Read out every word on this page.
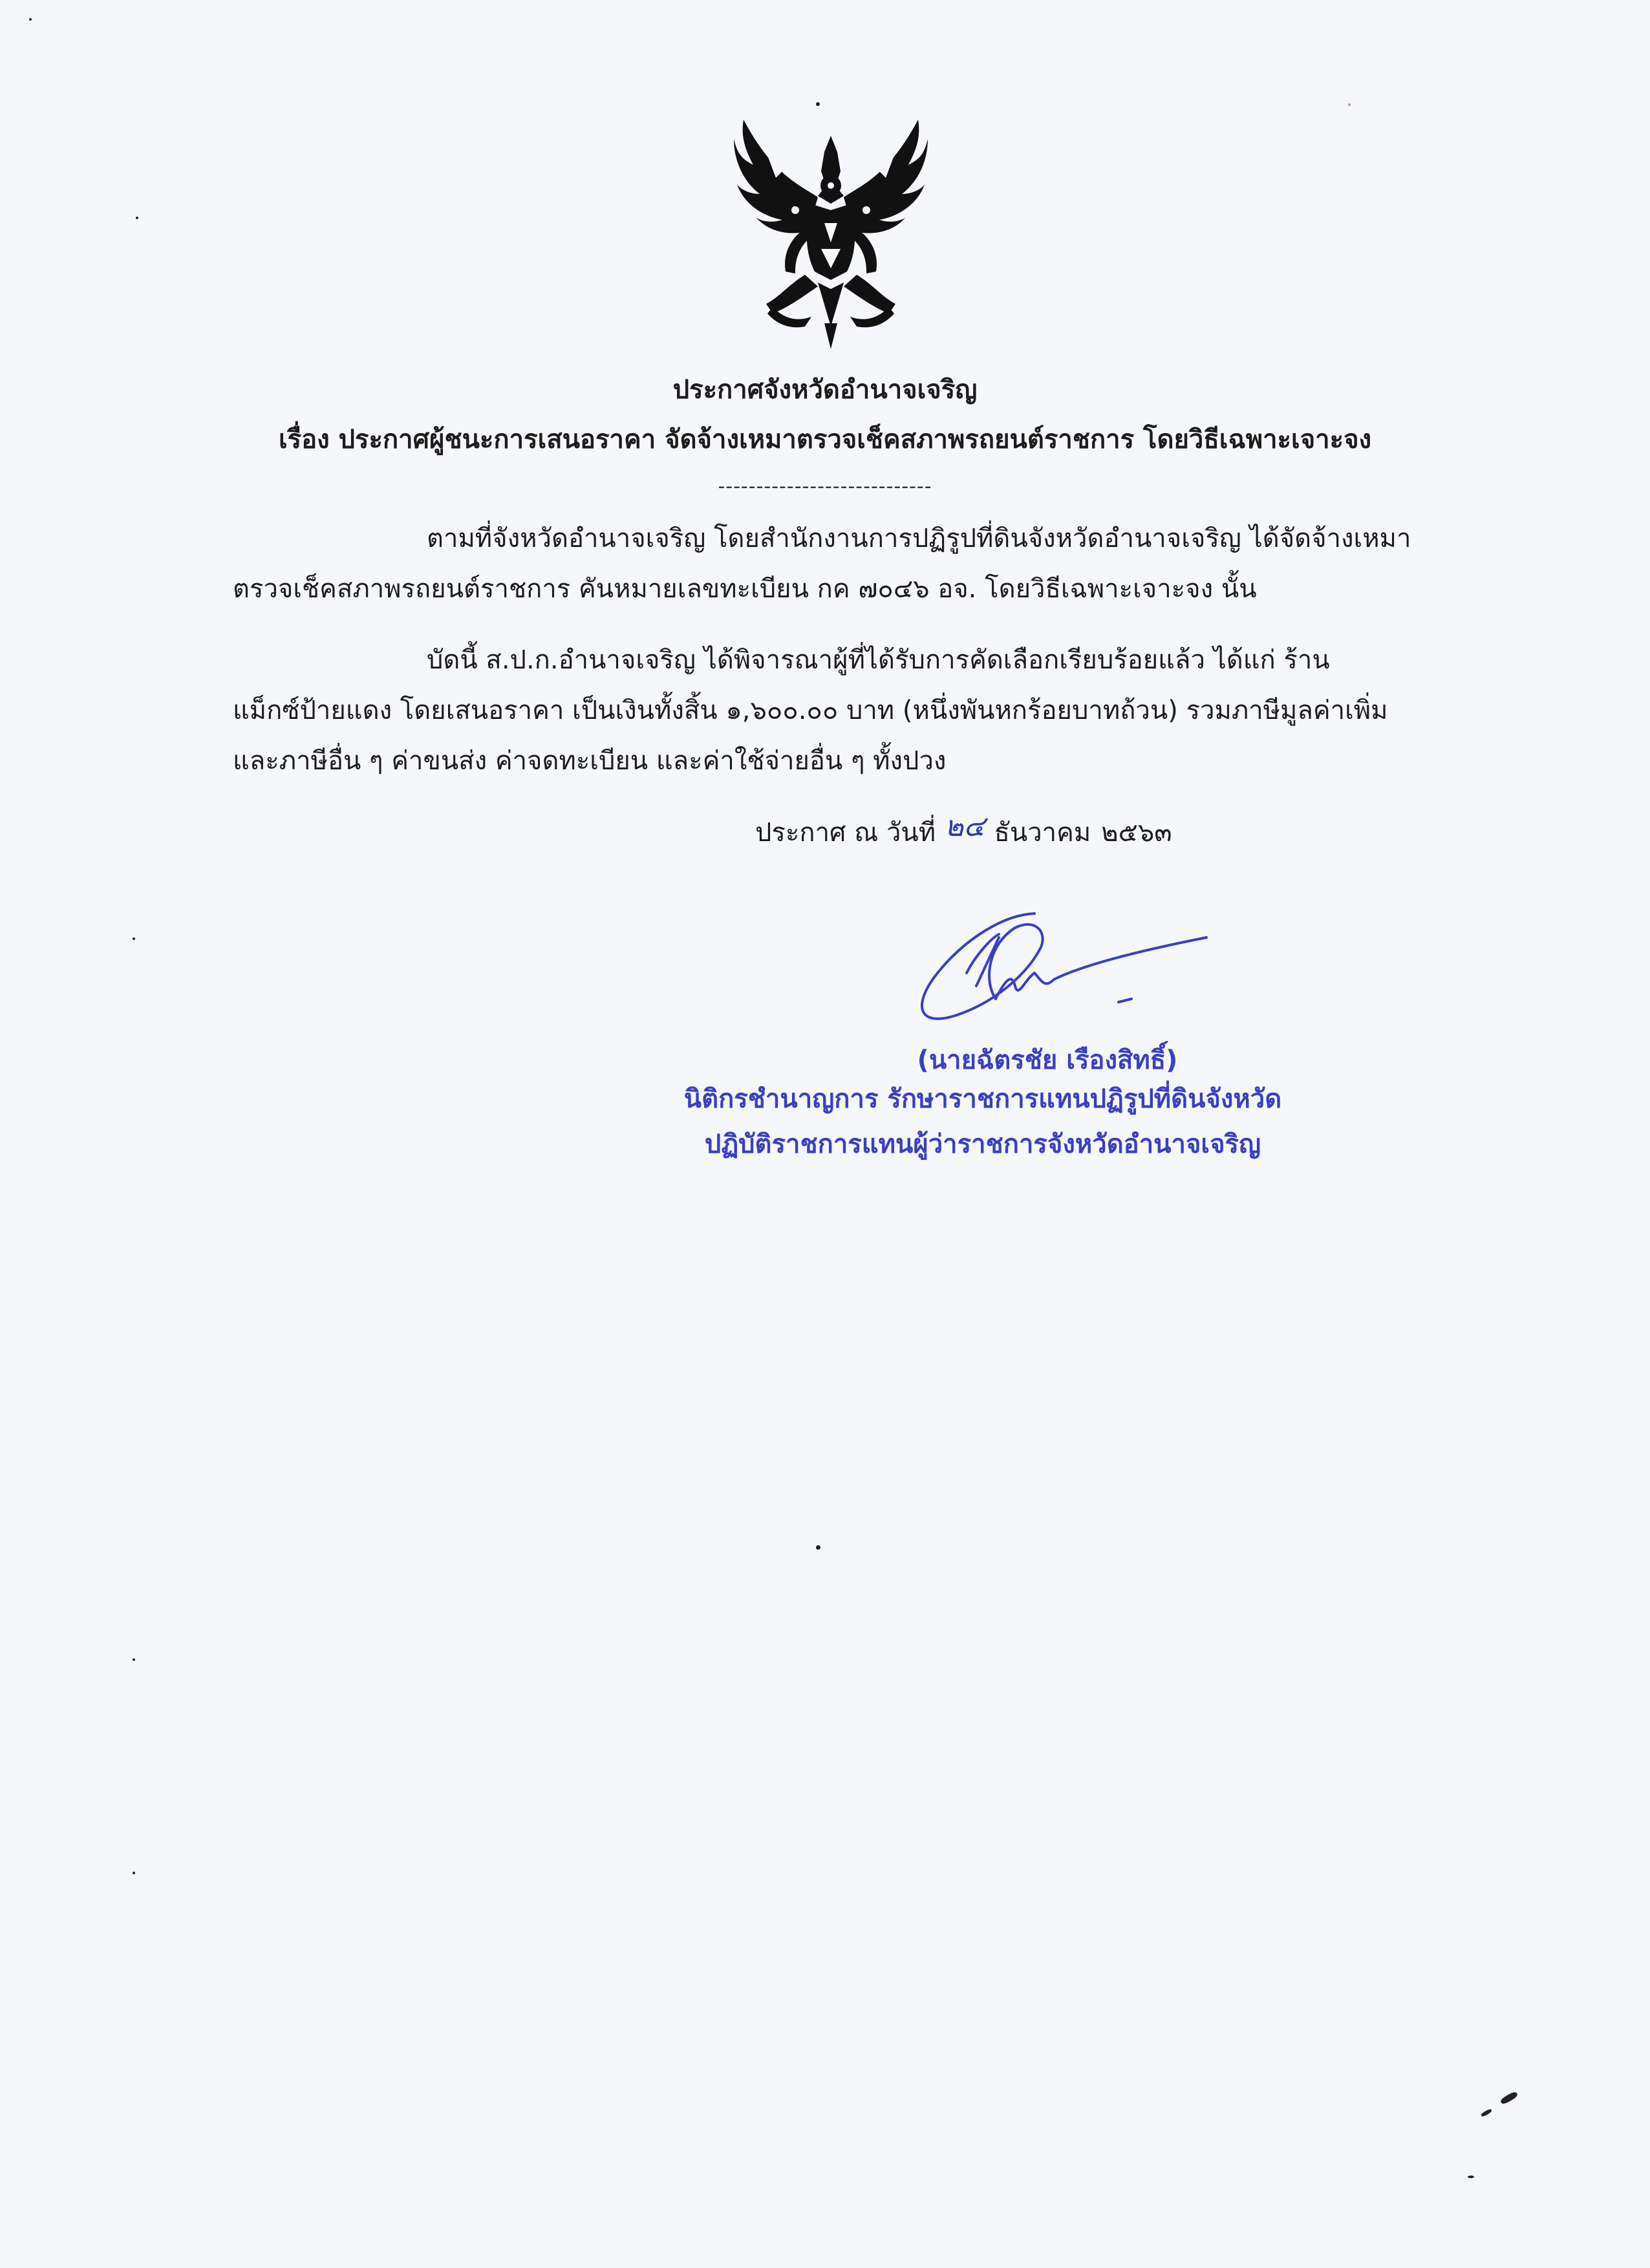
ประกาศจังหวัดอำนาจเจริญ
เรื่อง ประกาศผู้ชนะการเสนอราคา จัดจ้างเหมาตรวจเช็คสภาพรถยนต์ราชการ โดยวิธีเฉพาะเจาะจง
----------------------------
ตามที่จังหวัดอำนาจเจริญ โดยสำนักงานการปฏิรูปที่ดินจังหวัดอำนาจเจริญ ได้จัดจ้างเหมา
ตรวจเช็คสภาพรถยนต์ราชการ คันหมายเลขทะเบียน กค ๗๐๔๖ อจ. โดยวิธีเฉพาะเจาะจง นั้น
บัดนี้ ส.ป.ก.อำนาจเจริญ ได้พิจารณาผู้ที่ได้รับการคัดเลือกเรียบร้อยแล้ว ได้แก่ ร้าน
แม็กซ์ป้ายแดง โดยเสนอราคา เป็นเงินทั้งสิ้น ๑,๖๐๐.๐๐ บาท (หนึ่งพันหกร้อยบาทถ้วน) รวมภาษีมูลค่าเพิ่ม
และภาษีอื่น ๆ ค่าขนส่ง ค่าจดทะเบียน และค่าใช้จ่ายอื่น ๆ ทั้งปวง
ประกาศ ณ วันที่ ๒๔ ธันวาคม ๒๕๖๓
(นายฉัตรชัย เรืองสิทธิ์)
นิติกรชำนาญการ รักษาราชการแทนปฏิรูปที่ดินจังหวัด
ปฏิบัติราชการแทนผู้ว่าราชการจังหวัดอำนาจเจริญ
